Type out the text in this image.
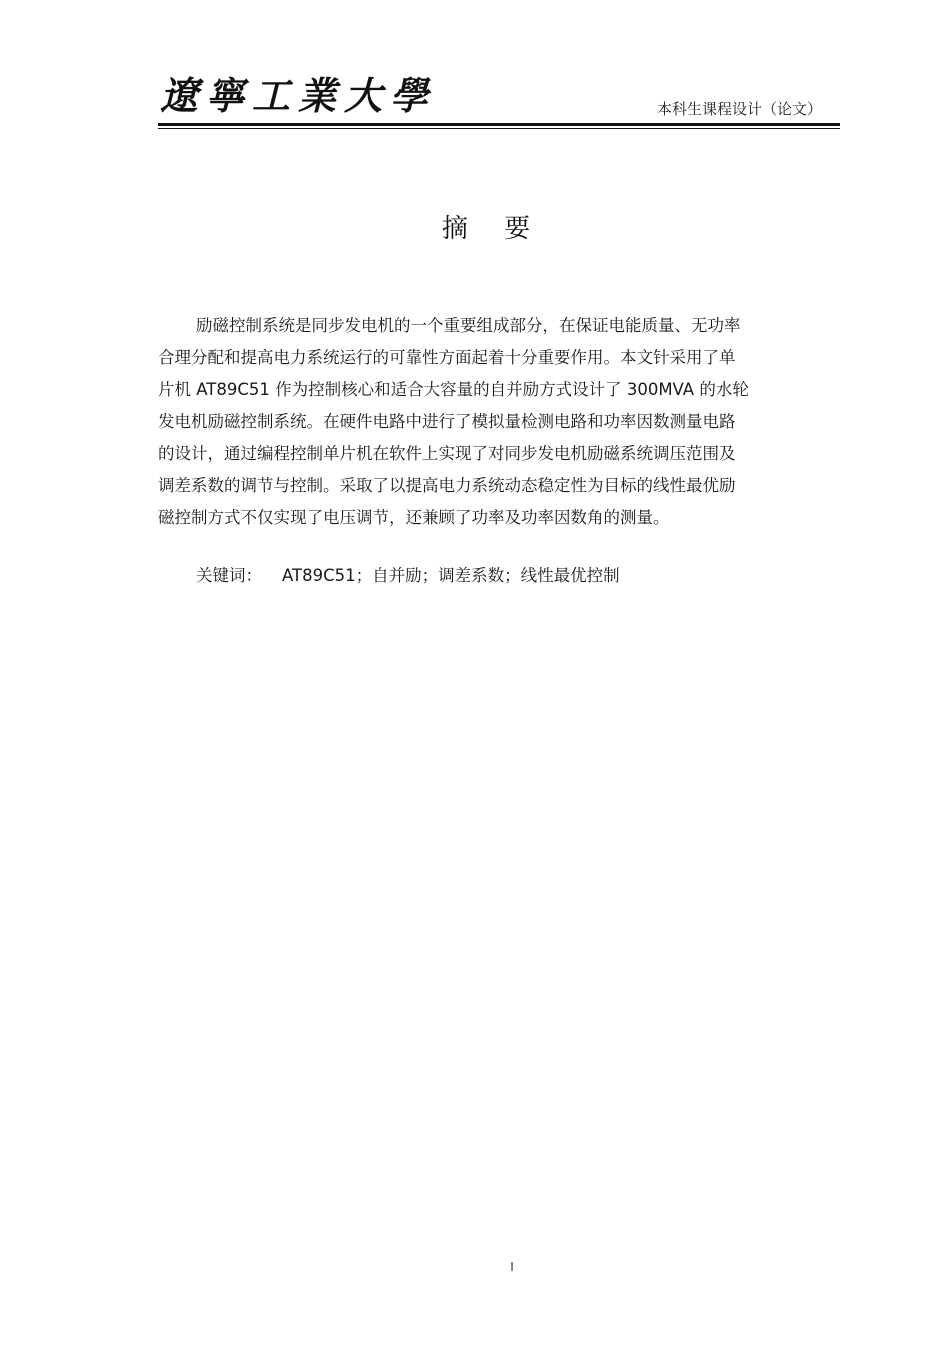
遼寧工業大學	本科生课程设计（论文）
摘 要
励磁控制系统是同步发电机的一个重要组成部分，在保证电能质量、无功率
合理分配和提高电力系统运行的可靠性方面起着十分重要作用。本文针采用了单
片机 AT89C51 作为控制核心和适合大容量的自并励方式设计了 300MVA 的水轮
发电机励磁控制系统。在硬件电路中进行了模拟量检测电路和功率因数测量电路
的设计，通过编程控制单片机在软件上实现了对同步发电机励磁系统调压范围及
调差系数的调节与控制。采取了以提高电力系统动态稳定性为目标的线性最优励
磁控制方式不仅实现了电压调节，还兼顾了功率及功率因数角的测量。
关键词： AT89C51；自并励；调差系数；线性最优控制
I
